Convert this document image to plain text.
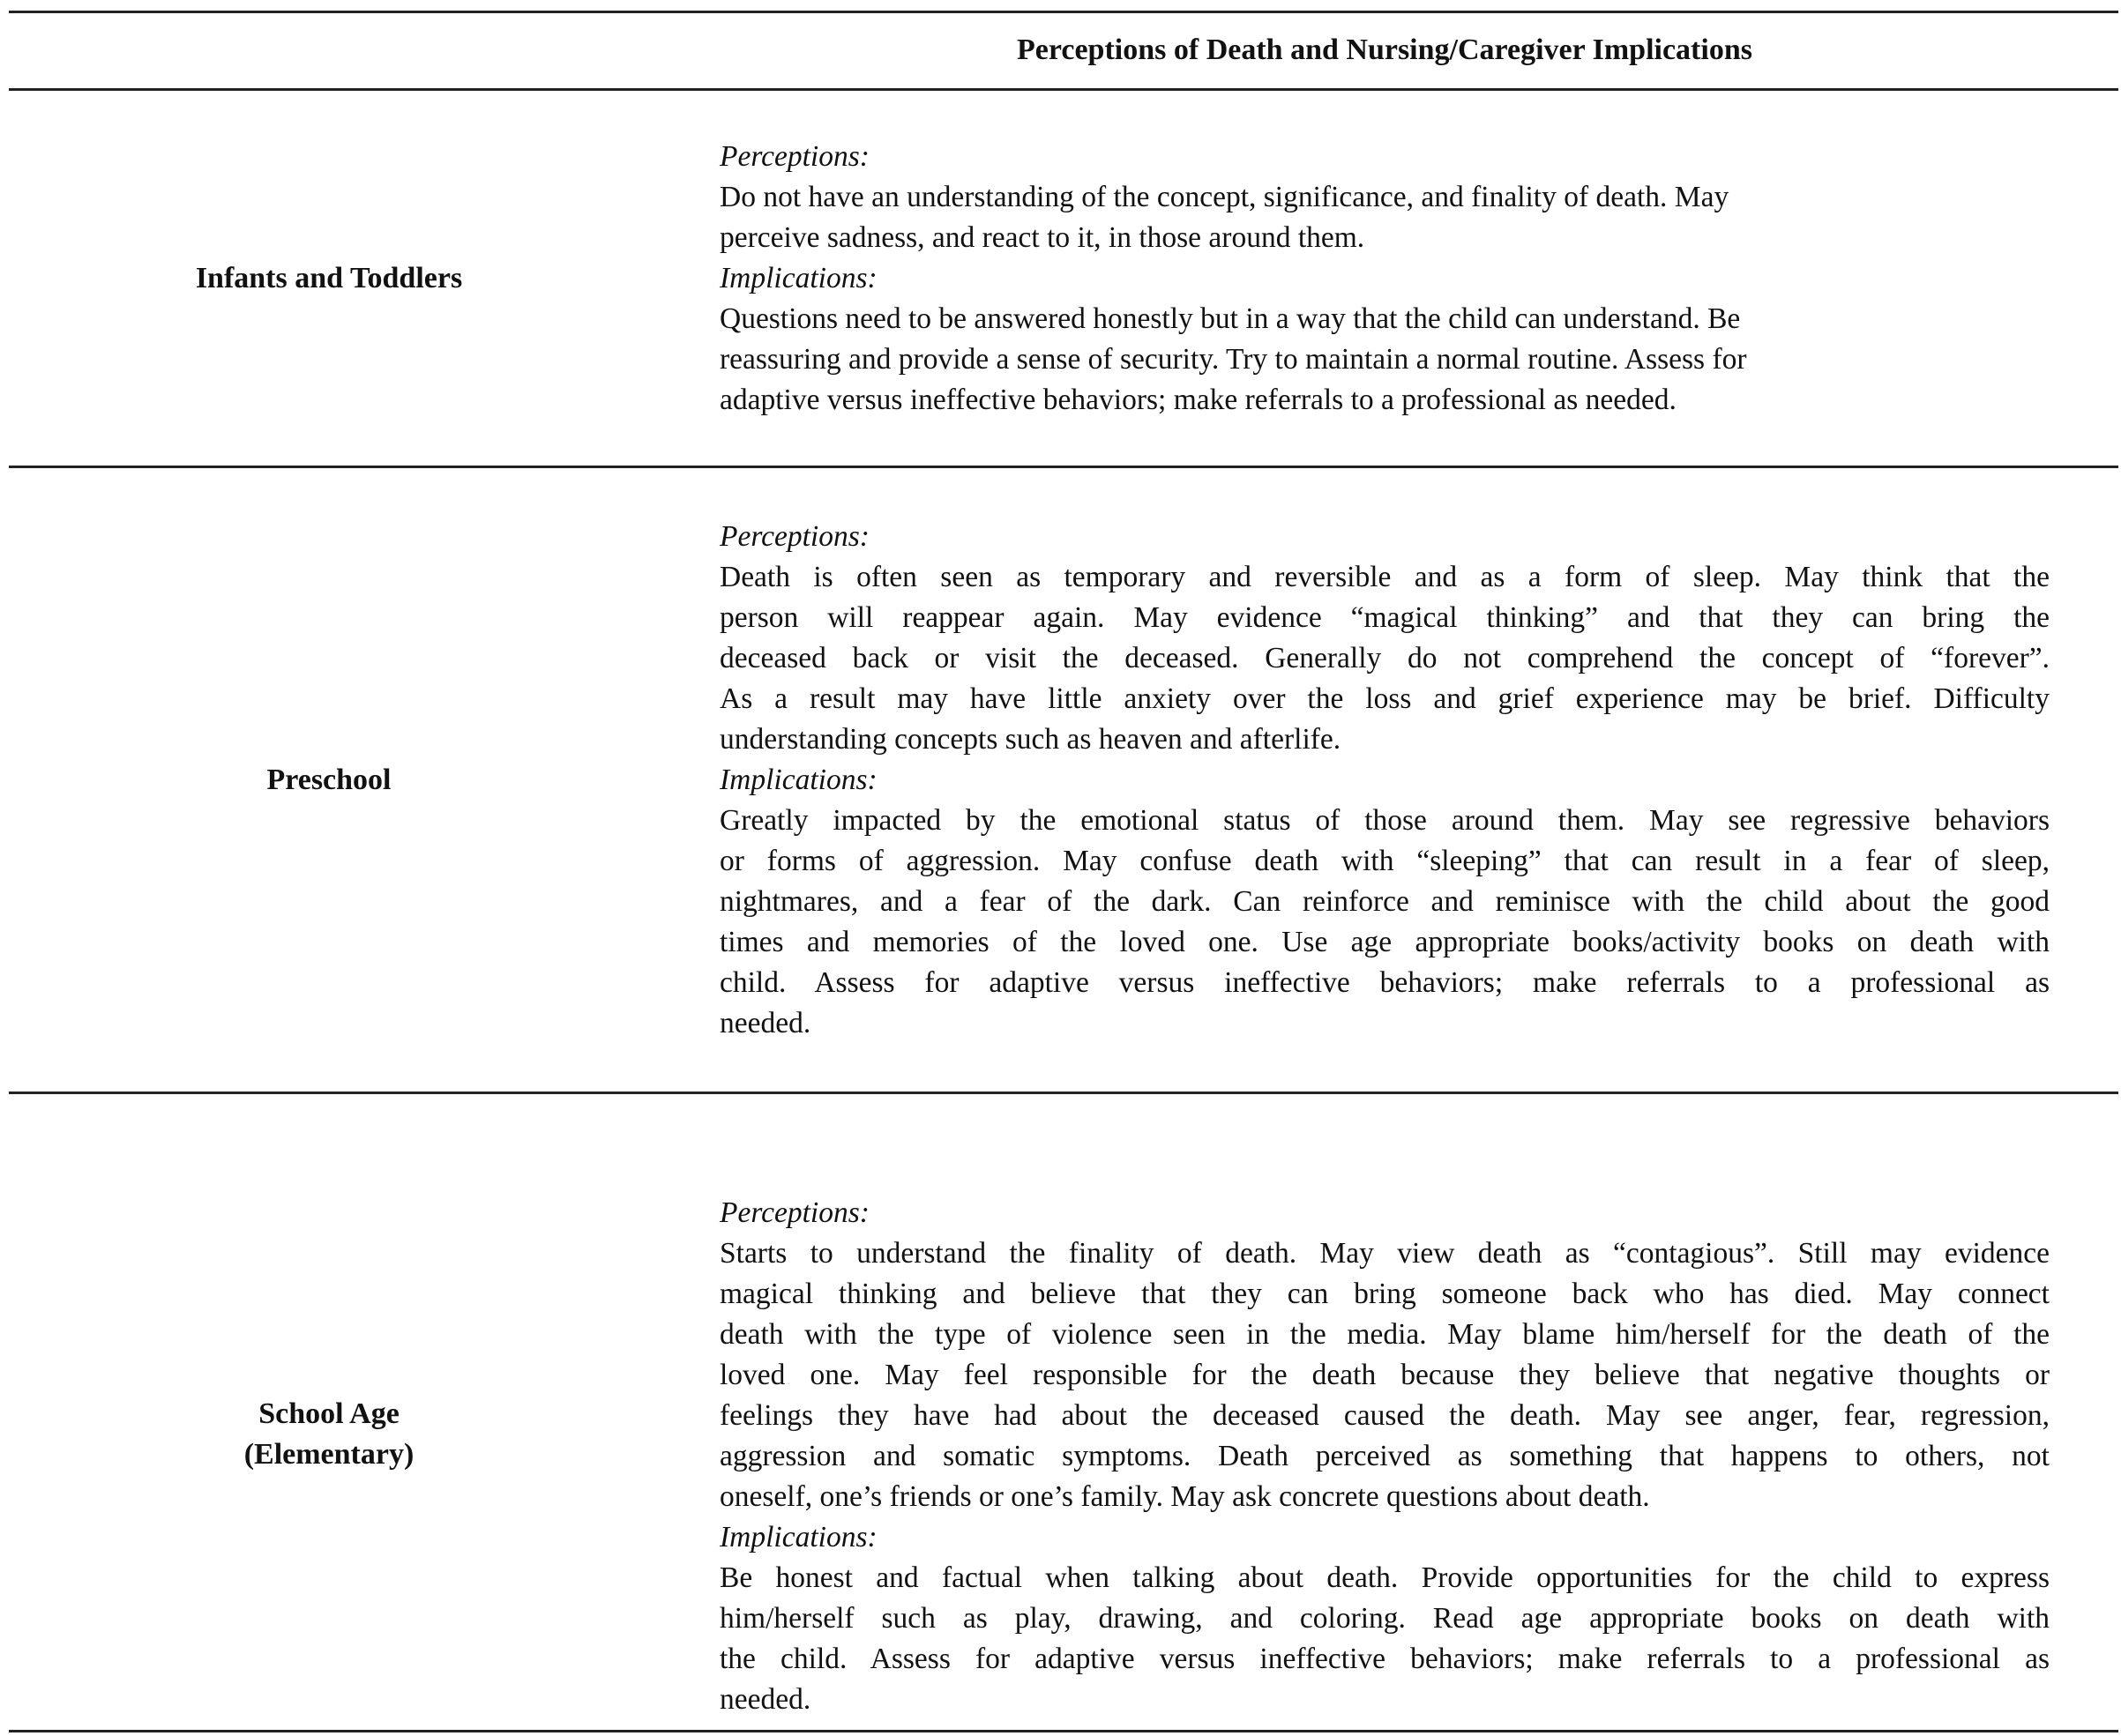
Perceptions of Death and Nursing/Caregiver Implications
Infants and Toddlers
Perceptions:
Do not have an understanding of the concept, significance, and finality of death. May
perceive sadness, and react to it, in those around them.
Implications:
Questions need to be answered honestly but in a way that the child can understand. Be
reassuring and provide a sense of security. Try to maintain a normal routine. Assess for
adaptive versus ineffective behaviors; make referrals to a professional as needed.
Preschool
Perceptions:
Death is often seen as temporary and reversible and as a form of sleep. May think that the
person will reappear again. May evidence “magical thinking” and that they can bring the
deceased back or visit the deceased. Generally do not comprehend the concept of “forever”.
As a result may have little anxiety over the loss and grief experience may be brief. Difficulty
understanding concepts such as heaven and afterlife.
Implications:
Greatly impacted by the emotional status of those around them. May see regressive behaviors
or forms of aggression. May confuse death with “sleeping” that can result in a fear of sleep,
nightmares, and a fear of the dark. Can reinforce and reminisce with the child about the good
times and memories of the loved one. Use age appropriate books/activity books on death with
child. Assess for adaptive versus ineffective behaviors; make referrals to a professional as
needed.
School Age
(Elementary)
Perceptions:
Starts to understand the finality of death. May view death as “contagious”. Still may evidence
magical thinking and believe that they can bring someone back who has died. May connect
death with the type of violence seen in the media. May blame him/herself for the death of the
loved one. May feel responsible for the death because they believe that negative thoughts or
feelings they have had about the deceased caused the death. May see anger, fear, regression,
aggression and somatic symptoms. Death perceived as something that happens to others, not
oneself, one’s friends or one’s family. May ask concrete questions about death.
Implications:
Be honest and factual when talking about death. Provide opportunities for the child to express
him/herself such as play, drawing, and coloring. Read age appropriate books on death with
the child. Assess for adaptive versus ineffective behaviors; make referrals to a professional as
needed.
